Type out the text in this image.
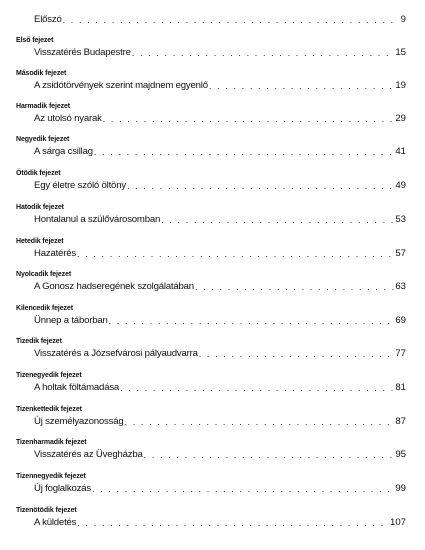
Előszó . . .	9
Első fejezet
Visszatérés Budapestre . . .	15
Második fejezet
A zsidótörvények szerint majdnem egyenlő . . .	19
Harmadik fejezet
Az utolsó nyarak . . .	29
Negyedik fejezet
A sárga csillag . . .	41
Ötödik fejezet
Egy életre szóló öltöny . . .	49
Hatodik fejezet
Hontalanul a szülővárosomban . . .	53
Hetedik fejezet
Hazatérés . . .	57
Nyolcadik fejezet
A Gonosz hadseregének szolgálatában . . .	63
Kilencedik fejezet
Ünnep a táborban . . .	69
Tizedik fejezet
Visszatérés a Józsefvárosi pályaudvarra . . .	77
Tizenegyedik fejezet
A holtak föltámadása . . .	81
Tizenkettedik fejezet
Új személyazonosság . . .	87
Tizenharmadik fejezet
Visszatérés az Üvegházba . . .	95
Tizennegyedik fejezet
Új foglalkozás . . .	99
Tizenötödik fejezet
A küldetés . . .	107
